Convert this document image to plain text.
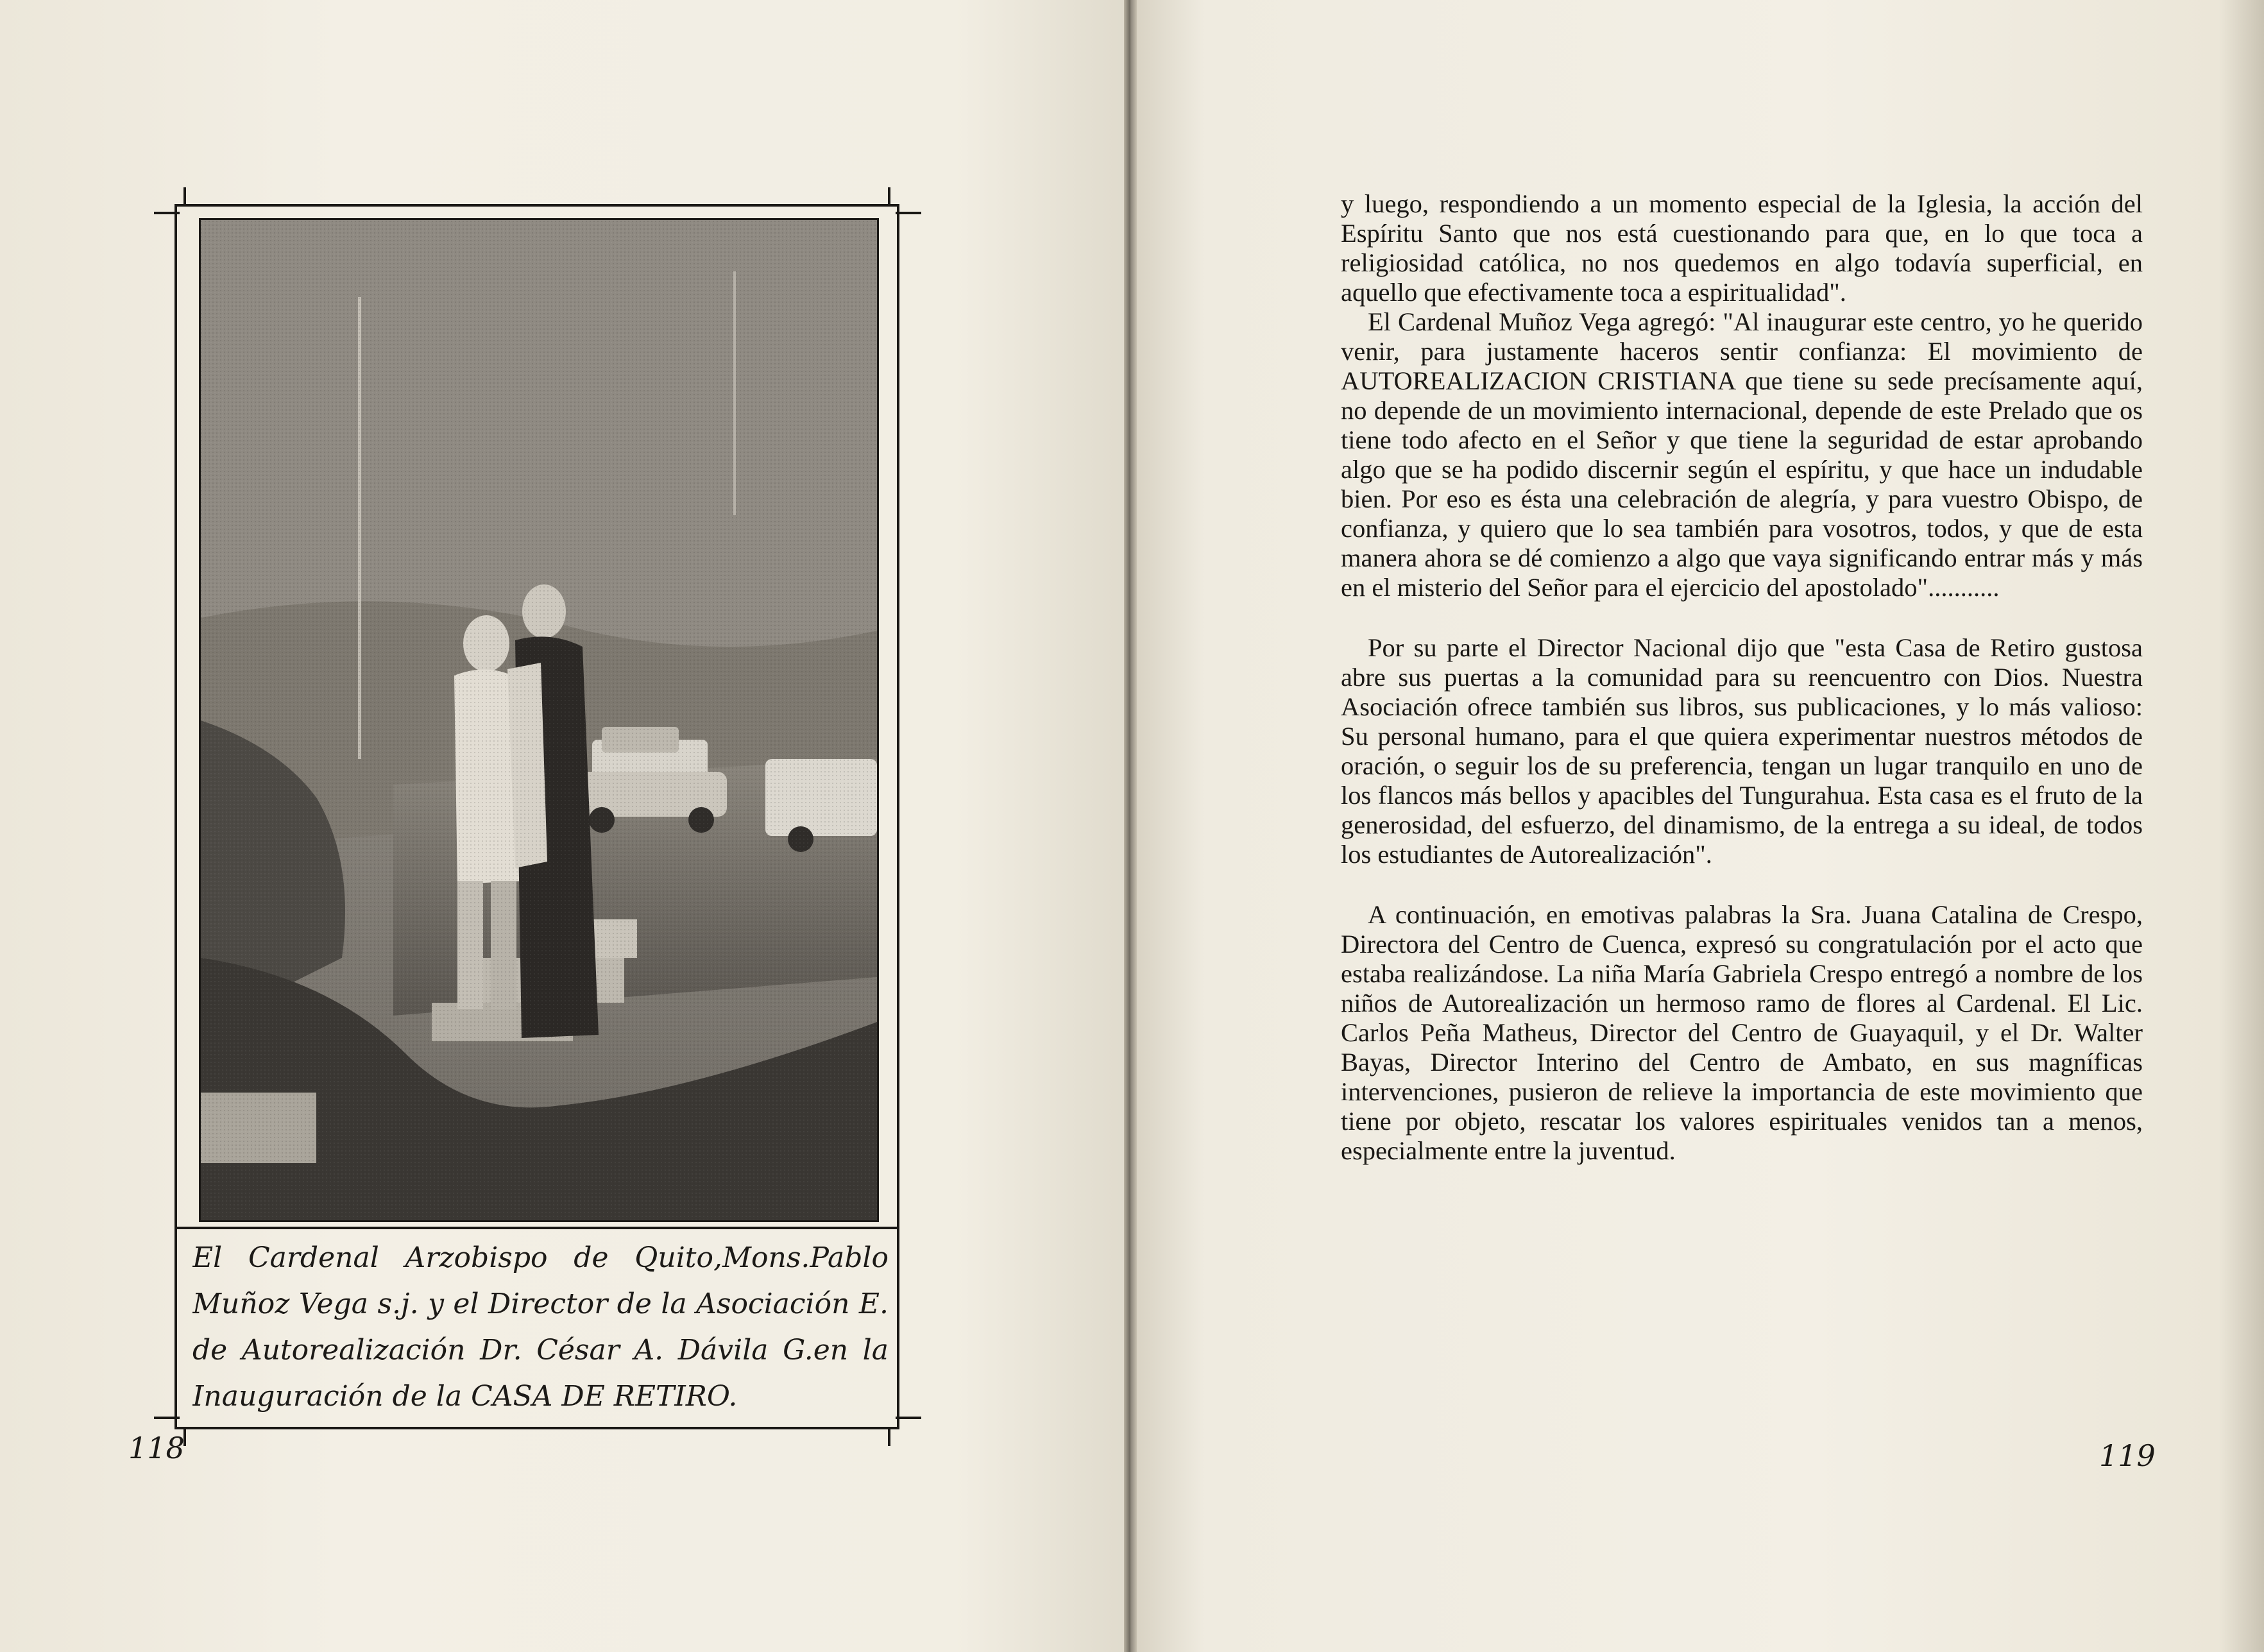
El Cardenal Arzobispo de Quito,Mons.Pablo Muñoz Vega s.j. y el Director de la Asociación E. de Autorealización Dr. César A. Dávila G.en la Inauguración de la CASA DE RETIRO.
118

y luego, respondiendo a un momento especial de la Iglesia, la acción del Espíritu Santo que nos está cuestionando para que, en lo que toca a religiosidad católica, no nos quedemos en algo todavía superficial, en aquello que efectivamente toca a espiritualidad".

El Cardenal Muñoz Vega agregó: "Al inaugurar este centro, yo he querido venir, para justamente haceros sentir confianza: El movimiento de AUTOREALIZACION CRISTIANA que tiene su sede precísamente aquí, no depende de un movimiento internacional, depende de este Prelado que os tiene todo afecto en el Señor y que tiene la seguridad de estar aprobando algo que se ha podido discernir según el espíritu, y que hace un indudable bien. Por eso es ésta una celebración de alegría, y para vuestro Obispo, de confianza, y quiero que lo sea también para vosotros, todos, y que de esta manera ahora se dé comienzo a algo que vaya significando entrar más y más en el misterio del Señor para el ejercicio del apostolado"...........

Por su parte el Director Nacional dijo que "esta Casa de Retiro gustosa abre sus puertas a la comunidad para su reencuentro con Dios. Nuestra Asociación ofrece también sus libros, sus publicaciones, y lo más valioso: Su personal humano, para el que quiera experimentar nuestros métodos de oración, o seguir los de su preferencia, tengan un lugar tranquilo en uno de los flancos más bellos y apacibles del Tungurahua. Esta casa es el fruto de la generosidad, del esfuerzo, del dinamismo, de la entrega a su ideal, de todos los estudiantes de Autorealización".

A continuación, en emotivas palabras la Sra. Juana Catalina de Crespo, Directora del Centro de Cuenca, expresó su congratulación por el acto que estaba realizándose. La niña María Gabriela Crespo entregó a nombre de los niños de Autorealización un hermoso ramo de flores al Cardenal. El Lic. Carlos Peña Matheus, Director del Centro de Guayaquil, y el Dr. Walter Bayas, Director Interino del Centro de Ambato, en sus magníficas intervenciones, pusieron de relieve la importancia de este movimiento que tiene por objeto, rescatar los valores espirituales venidos tan a menos, especialmente entre la juventud.

119
